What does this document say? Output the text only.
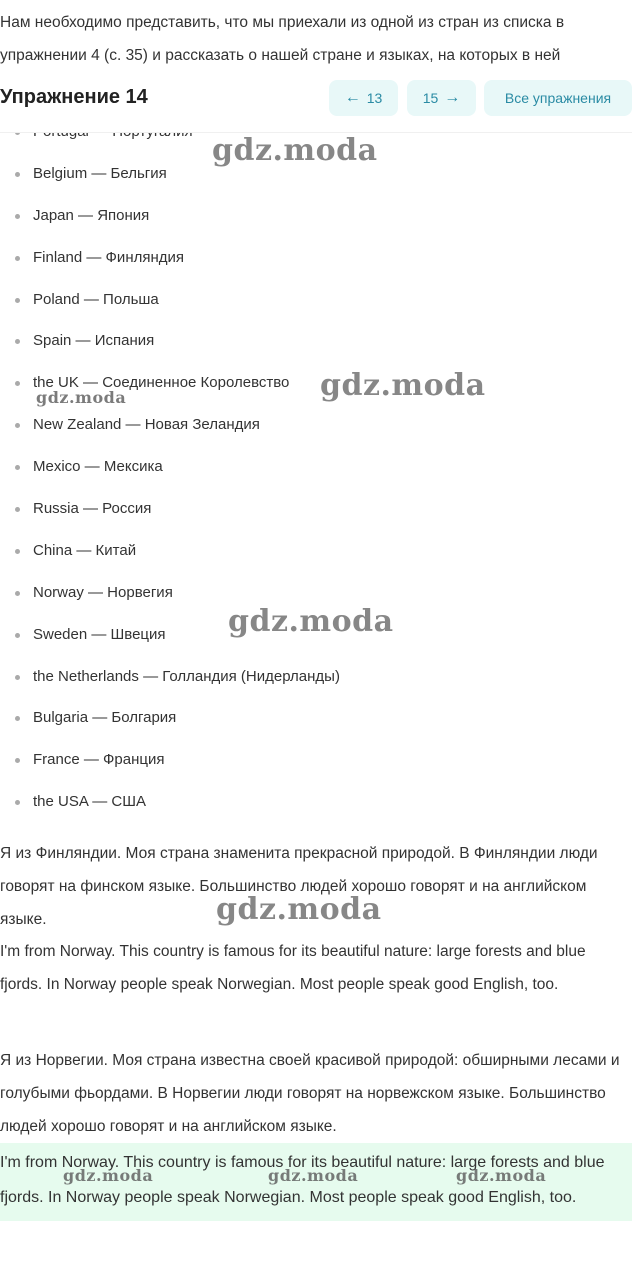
Нам необходимо представить, что мы приехали из одной из стран из списка в упражнении 4 (с. 35) и рассказать о нашей стране и языках, на которых в ней
Упражнение 14	← 13	15 →	Все упражнения
Belgium — Бельгия
Japan — Япония
Finland — Финляндия
Poland — Польша
Spain — Испания
the UK — Соединенное Королевство
New Zealand — Новая Зеландия
Mexico — Мексика
Russia — Россия
China — Китай
Norway — Норвегия
Sweden — Швеция
the Netherlands — Голландия (Нидерланды)
Bulgaria — Болгария
France — Франция
the USA — США
Я из Финляндии. Моя страна знаменита прекрасной природой. В Финляндии люди говорят на финском языке. Большинство людей хорошо говорят и на английском языке.
I'm from Norway. This country is famous for its beautiful nature: large forests and blue fjords. In Norway people speak Norwegian. Most people speak good English, too.
Я из Норвегии. Моя страна известна своей красивой природой: обширными лесами и голубыми фьордами. В Норвегии люди говорят на норвежском языке. Большинство людей хорошо говорят и на английском языке.
I'm from Norway. This country is famous for its beautiful nature: large forests and blue fjords. In Norway people speak Norwegian. Most people speak good English, too.
gdz.moda
gdz.moda
gdz.moda
gdz.moda
gdz.moda
gdz.moda	gdz.moda	gdz.moda
